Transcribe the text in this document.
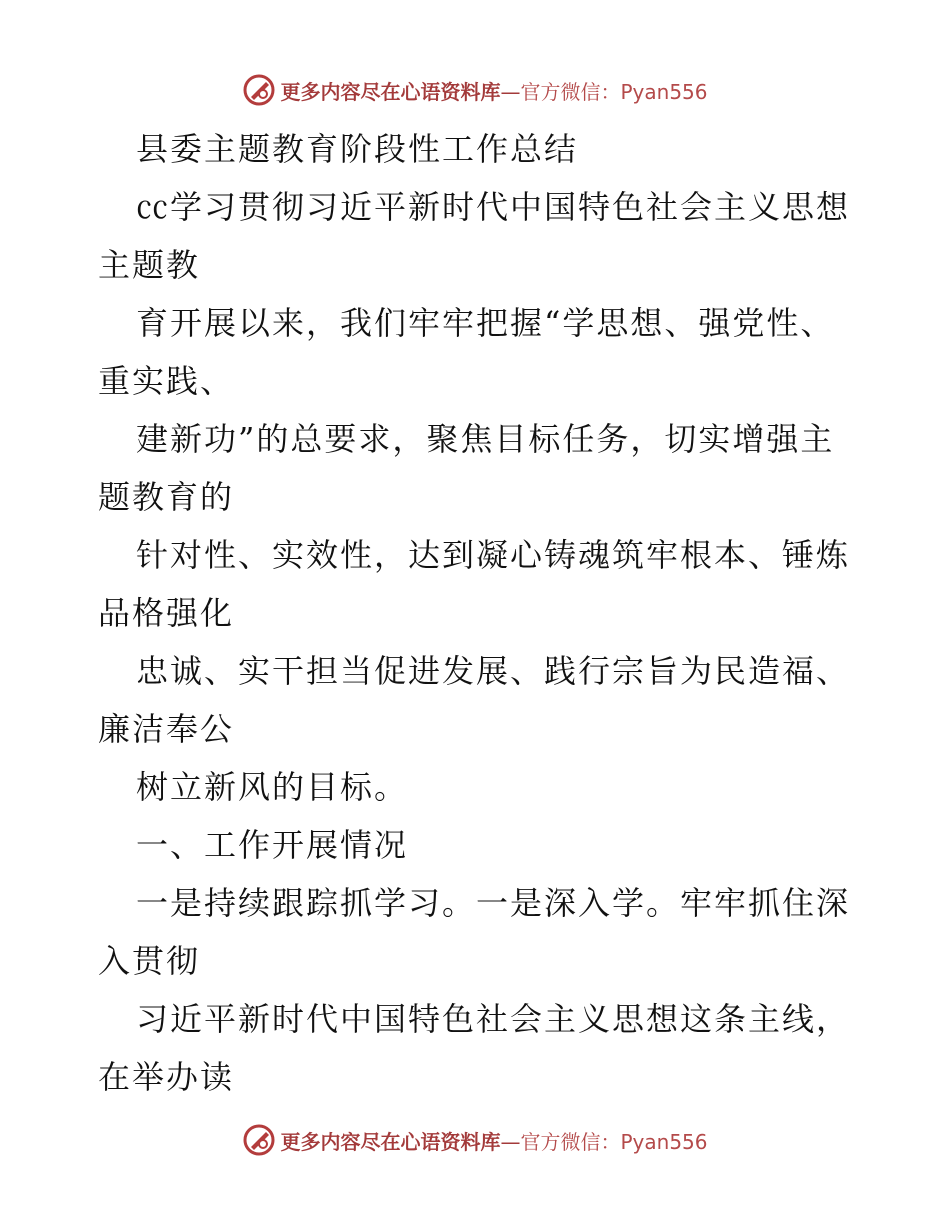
更多内容尽在心语资料库—官方微信：Pyan556
县委主题教育阶段性工作总结
㏄学习贯彻习近平新时代中国特色社会主义思想
主题教
育开展以来，我们牢牢把握“学思想、强党性、
重实践、
建新功”的总要求，聚焦目标任务，切实增强主
题教育的
针对性、实效性，达到凝心铸魂筑牢根本、锤炼
品格强化
忠诚、实干担当促进发展、践行宗旨为民造福、
廉洁奉公
树立新风的目标。
一、工作开展情况
一是持续跟踪抓学习。一是深入学。牢牢抓住深
入贯彻
习近平新时代中国特色社会主义思想这条主线，
在举办读
更多内容尽在心语资料库—官方微信：Pyan556
